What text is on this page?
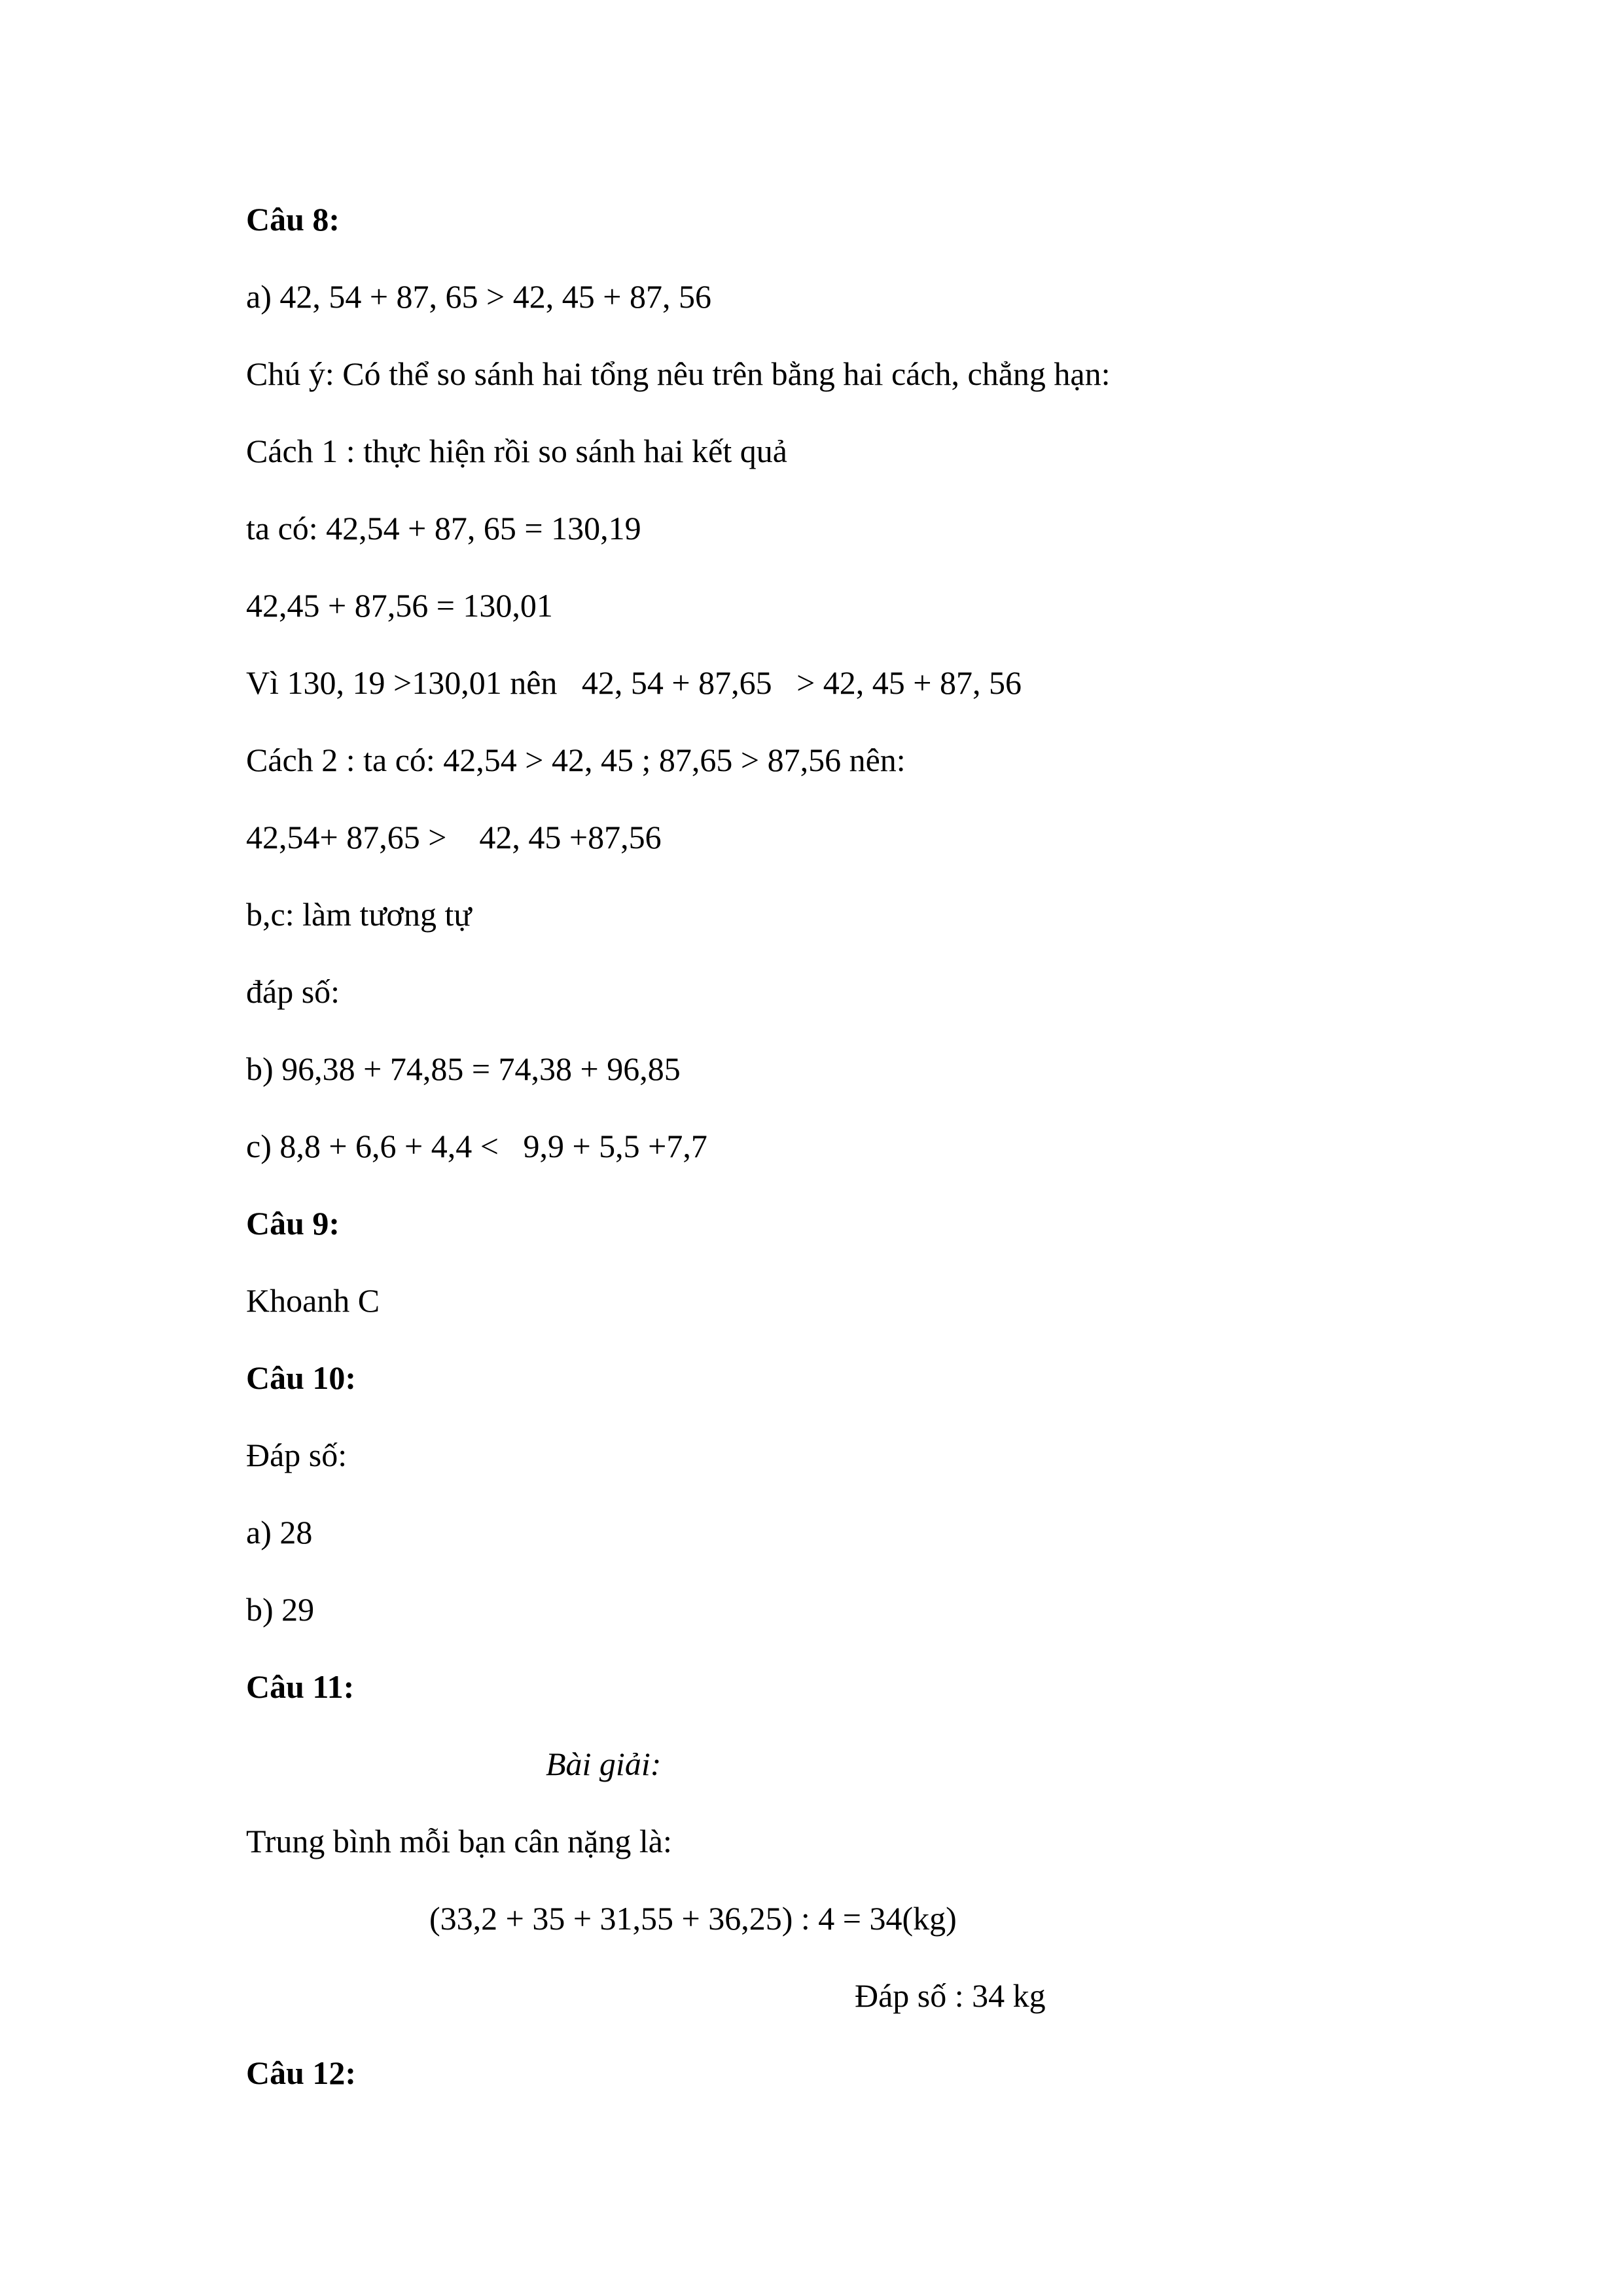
Câu 8:
a) 42, 54 + 87, 65 > 42, 45 + 87, 56
Chú ý: Có thể so sánh hai tổng nêu trên bằng hai cách, chẳng hạn:
Cách 1 : thực hiện rồi so sánh hai kết quả
ta có: 42,54 + 87, 65 = 130,19
42,45 + 87,56 = 130,01
Vì 130, 19 >130,01 nên   42, 54 + 87,65   > 42, 45 + 87, 56
Cách 2 : ta có: 42,54 > 42, 45 ; 87,65 > 87,56 nên:
42,54+ 87,65 >    42, 45 +87,56
b,c: làm tương tự
đáp số:
b) 96,38 + 74,85 = 74,38 + 96,85
c) 8,8 + 6,6 + 4,4 <   9,9 + 5,5 +7,7
Câu 9:
Khoanh C
Câu 10:
Đáp số:
a) 28
b) 29
Câu 11:
Bài giải:
Trung bình mỗi bạn cân nặng là:
(33,2 + 35 + 31,55 + 36,25) : 4 = 34(kg)
Đáp số : 34 kg
Câu 12:
